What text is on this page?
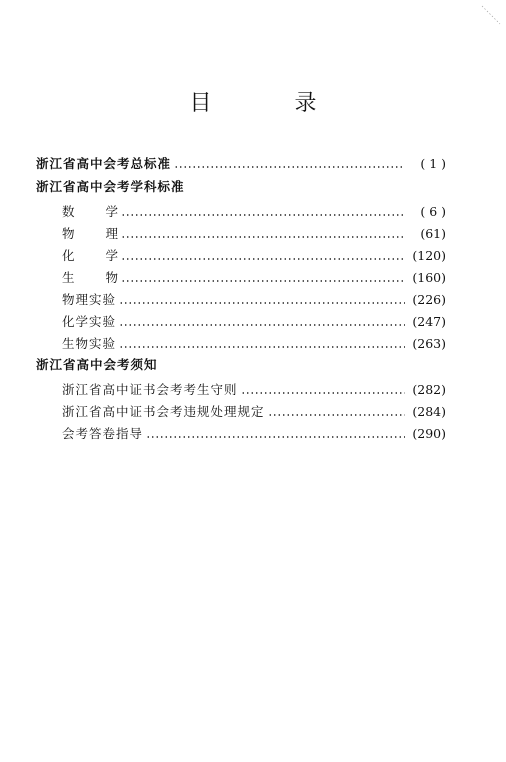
目 录
浙江省高中会考总标准	( 1 )
浙江省高中会考学科标准
数 学	( 6 )
物 理	(61)
化 学	(120)
生 物	(160)
物理实验	(226)
化学实验	(247)
生物实验	(263)
浙江省高中会考须知
浙江省高中证书会考考生守则	(282)
浙江省高中证书会考违规处理规定	(284)
会考答卷指导	(290)
